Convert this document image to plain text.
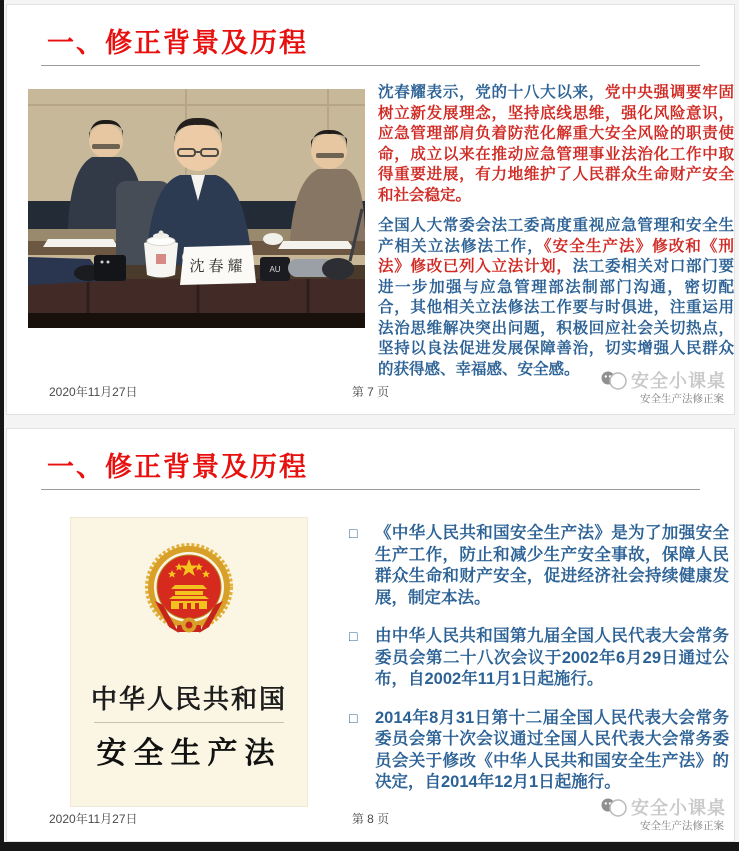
一、修正背景及历程
沈春耀	AU

沈春耀表示，党的十八大以来，党中央强调要牢固树立新发展理念，坚持底线思维，强化风险意识，应急管理部肩负着防范化解重大安全风险的职责使命，成立以来在推动应急管理事业法治化工作中取得重要进展，有力地维护了人民群众生命财产安全和社会稳定。

全国人大常委会法工委高度重视应急管理和安全生产相关立法修法工作，《安全生产法》修改和《刑法》修改已列入立法计划，法工委相关对口部门要进一步加强与应急管理部法制部门沟通，密切配合，其他相关立法修法工作要与时俱进，注重运用法治思维解决突出问题，积极回应社会关切热点，坚持以良法促进发展保障善治，切实增强人民群众的获得感、幸福感、安全感。

2020年11月27日	第 7 页
安全小课桌
安全生产法修正案
一、修正背景及历程
中华人民共和国
安全生产法
□	《中华人民共和国安全生产法》是为了加强安全生产工作，防止和减少生产安全事故，保障人民群众生命和财产安全，促进经济社会持续健康发展，制定本法。
□	由中华人民共和国第九届全国人民代表大会常务委员会第二十八次会议于2002年6月29日通过公布，自2002年11月1日起施行。
□	2014年8月31日第十二届全国人民代表大会常务委员会第十次会议通过全国人民代表大会常务委员会关于修改《中华人民共和国安全生产法》的决定，自2014年12月1日起施行。
2020年11月27日	第 8 页
安全小课桌
安全生产法修正案
